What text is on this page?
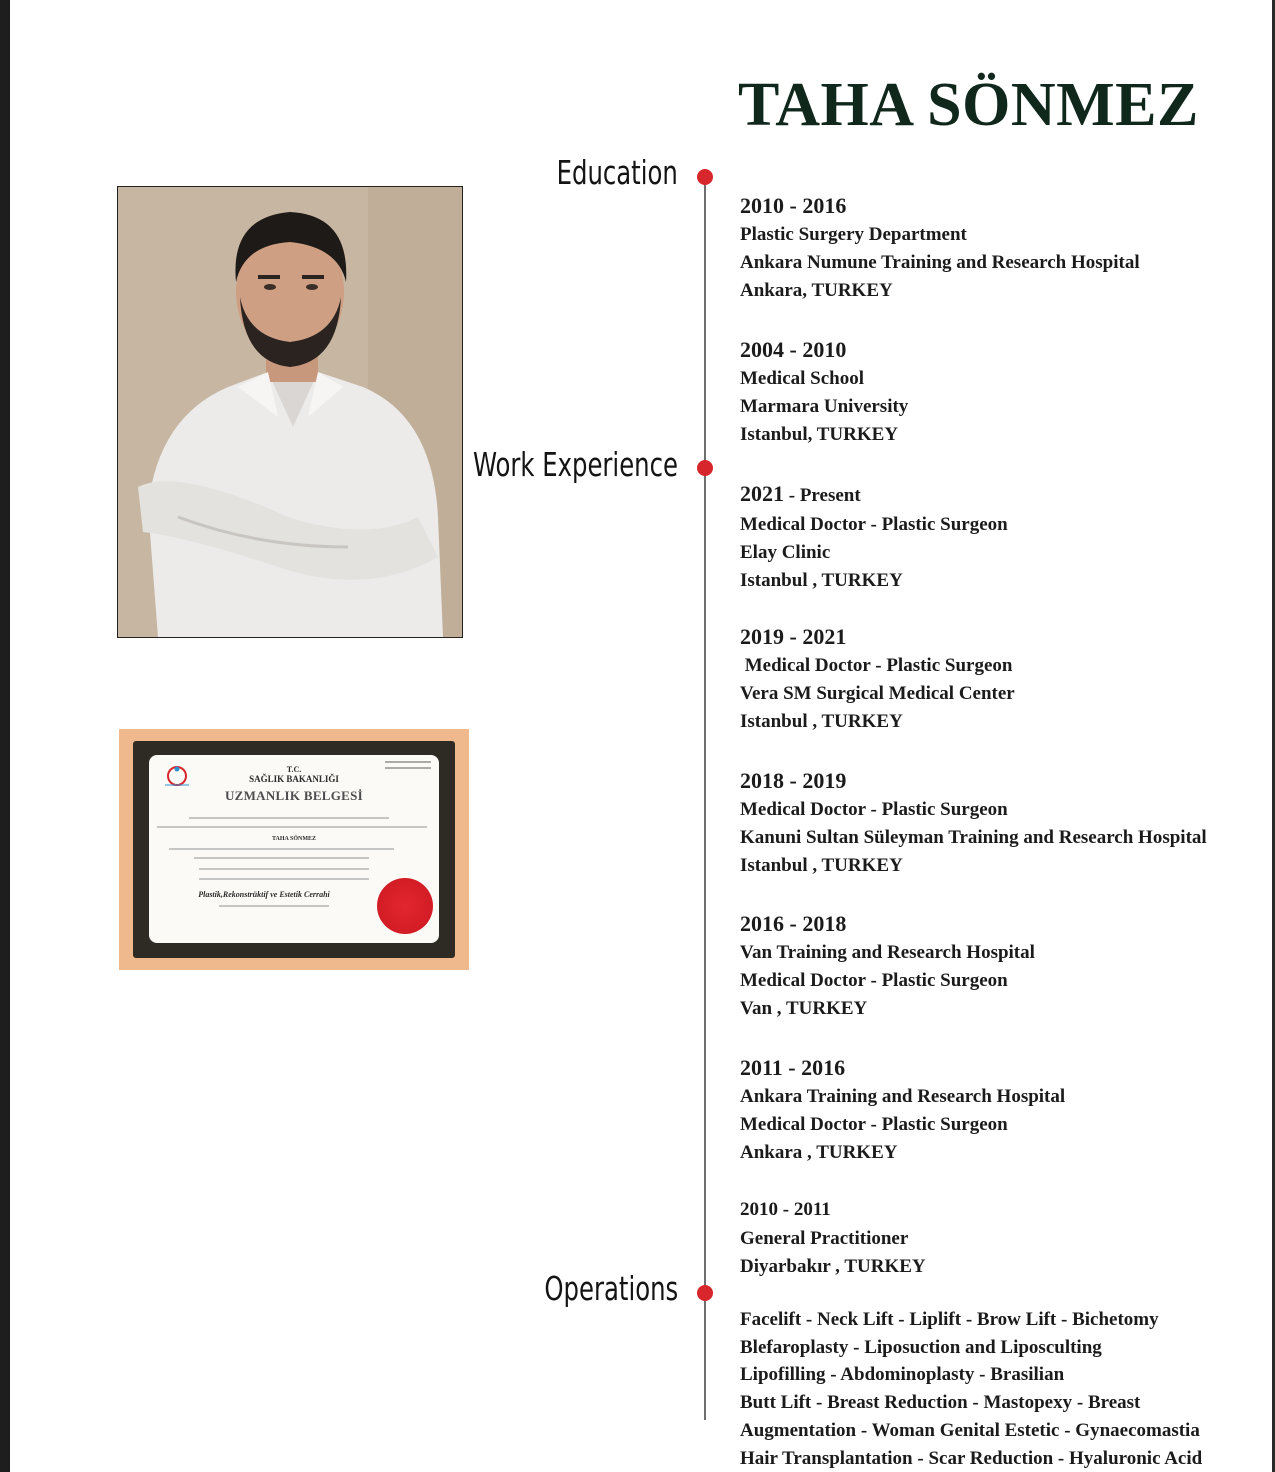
TAHA SÖNMEZ
Education
Work Experience
Operations
2010 - 2016
Plastic Surgery Department
Ankara Numune Training and Research Hospital
Ankara, TURKEY
2004 - 2010
Medical School
Marmara University
Istanbul, TURKEY
2021 - Present
Medical Doctor - Plastic Surgeon
Elay Clinic
Istanbul , TURKEY
2019 - 2021
Medical Doctor - Plastic Surgeon
Vera SM Surgical Medical Center
Istanbul , TURKEY
2018 - 2019
Medical Doctor - Plastic Surgeon
Kanuni Sultan Süleyman Training and Research Hospital
Istanbul , TURKEY
2016 - 2018
Van Training and Research Hospital
Medical Doctor - Plastic Surgeon
Van , TURKEY
2011 - 2016
Ankara Training and Research Hospital
Medical Doctor - Plastic Surgeon
Ankara , TURKEY
2010 - 2011
General Practitioner
Diyarbakır , TURKEY
Facelift - Neck Lift - Liplift - Brow Lift - Bichetomy
Blefaroplasty - Liposuction and Liposculting
Lipofilling - Abdominoplasty - Brasilian
Butt Lift - Breast Reduction - Mastopexy - Breast
Augmentation - Woman Genital Estetic - Gynaecomastia
Hair Transplantation - Scar Reduction - Hyaluronic Acid
T.C.
SAĞLIK BAKANLIĞI
UZMANLIK BELGESİ
TAHA SÖNMEZ
Plastik,Rekonstrüktif ve Estetik Cerrahi
